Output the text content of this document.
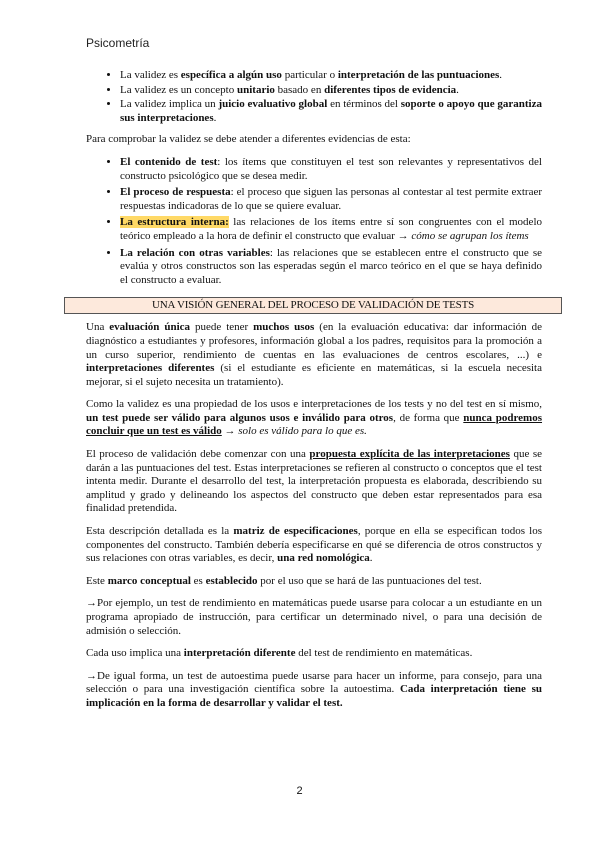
Psicometría
• La validez es específica a algún uso particular o interpretación de las puntuaciones.
• La validez es un concepto unitario basado en diferentes tipos de evidencia.
• La validez implica un juicio evaluativo global en términos del soporte o apoyo que garantiza sus interpretaciones.

Para comprobar la validez se debe atender a diferentes evidencias de esta:

• El contenido de test: los ítems que constituyen el test son relevantes y representativos del constructo psicológico que se desea medir.
• El proceso de respuesta: el proceso que siguen las personas al contestar al test permite extraer respuestas indicadoras de lo que se quiere evaluar.
• La estructura interna: las relaciones de los ítems entre sí son congruentes con el modelo teórico empleado a la hora de definir el constructo que evaluar → cómo se agrupan los ítems
• La relación con otras variables: las relaciones que se establecen entre el constructo que se evalúa y otros constructos son las esperadas según el marco teórico en el que se haya definido el constructo a evaluar.
UNA VISIÓN GENERAL DEL PROCESO DE VALIDACIÓN DE TESTS

Una evaluación única puede tener muchos usos (en la evaluación educativa: dar información de diagnóstico a estudiantes y profesores, información global a los padres, requisitos para la promoción a un curso superior, rendimiento de cuentas en las evaluaciones de centros escolares, ...) e interpretaciones diferentes (si el estudiante es eficiente en matemáticas, si la escuela necesita mejorar, si el sujeto necesita un tratamiento).

Como la validez es una propiedad de los usos e interpretaciones de los tests y no del test en sí mismo, un test puede ser válido para algunos usos e inválido para otros, de forma que nunca podremos concluir que un test es válido → solo es válido para lo que es.

El proceso de validación debe comenzar con una propuesta explícita de las interpretaciones que se darán a las puntuaciones del test. Estas interpretaciones se refieren al constructo o conceptos que el test intenta medir. Durante el desarrollo del test, la interpretación propuesta es elaborada, describiendo su amplitud y grado y delineando los aspectos del constructo que deben estar representados para esa finalidad pretendida.

Esta descripción detallada es la matriz de especificaciones, porque en ella se especifican todos los componentes del constructo. También debería especificarse en qué se diferencia de otros constructos y sus relaciones con otras variables, es decir, una red nomológica.

Este marco conceptual es establecido por el uso que se hará de las puntuaciones del test.

→Por ejemplo, un test de rendimiento en matemáticas puede usarse para colocar a un estudiante en un programa apropiado de instrucción, para certificar un determinado nivel, o para una decisión de admisión o selección.

Cada uso implica una interpretación diferente del test de rendimiento en matemáticas.

→De igual forma, un test de autoestima puede usarse para hacer un informe, para consejo, para una selección o para una investigación científica sobre la autoestima. Cada interpretación tiene su implicación en la forma de desarrollar y validar el test.

2
